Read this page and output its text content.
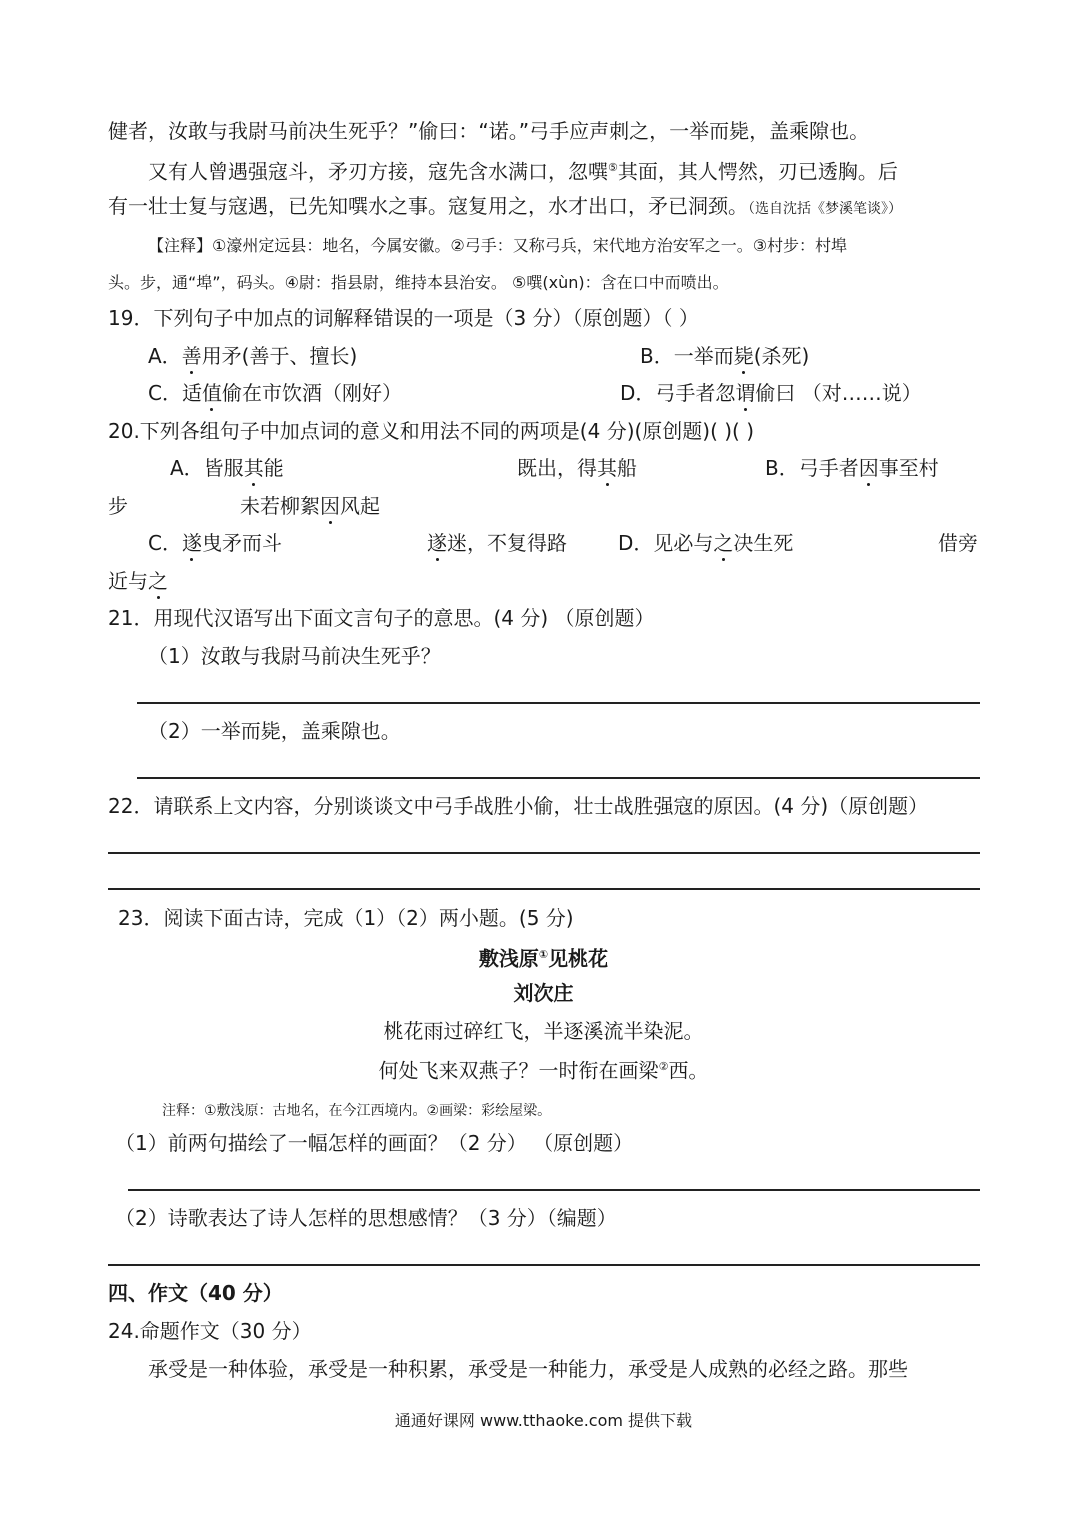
健者，汝敢与我尉马前决生死乎？”偷曰：“诺。”弓手应声刺之，一举而毙，盖乘隙也。
又有人曾遇强寇斗，矛刃方接，寇先含水满口，忽噀⑤其面，其人愕然，刃已透胸。后
有一壮士复与寇遇，已先知噀水之事。寇复用之，水才出口，矛已洞颈。（选自沈括《梦溪笔谈》）
【注释】①濠州定远县：地名，今属安徽。②弓手：又称弓兵，宋代地方治安军之一。③村步：村埠
头。步，通“埠”，码头。④尉：指县尉，维持本县治安。 ⑤噀(xùn)：含在口中而喷出。
19．下列句子中加点的词解释错误的一项是（3 分）（原创题）（ ）
A．善用矛(善于、擅长)	B．一举而毙(杀死)
C．适值偷在市饮酒（刚好）	D．弓手者忽谓偷曰 （对……说）
20.下列各组句子中加点词的意义和用法不同的两项是(4 分)(原创题)( )( )
A．皆服其能	既出，得其船	B．弓手者因事至村
步	未若柳絮因风起
C．遂曳矛而斗	遂迷，不复得路	D．见必与之决生死	借旁
近与之
21．用现代汉语写出下面文言句子的意思。(4 分) （原创题）
（1）汝敢与我尉马前决生死乎？
（2）一举而毙，盖乘隙也。
22．请联系上文内容，分别谈谈文中弓手战胜小偷，壮士战胜强寇的原因。(4 分)（原创题）
23．阅读下面古诗，完成（1）（2）两小题。(5 分)
敷浅原①见桃花
刘次庄
桃花雨过碎红飞，半逐溪流半染泥。
何处飞来双燕子？一时衔在画梁②西。
注释：①敷浅原：古地名，在今江西境内。②画梁：彩绘屋梁。
（1）前两句描绘了一幅怎样的画面？（2 分） （原创题）
（2）诗歌表达了诗人怎样的思想感情？（3 分）（编题）
四、作文（40 分）
24.命题作文（30 分）
承受是一种体验，承受是一种积累，承受是一种能力，承受是人成熟的必经之路。那些
通通好课网 www.tthaoke.com 提供下载
